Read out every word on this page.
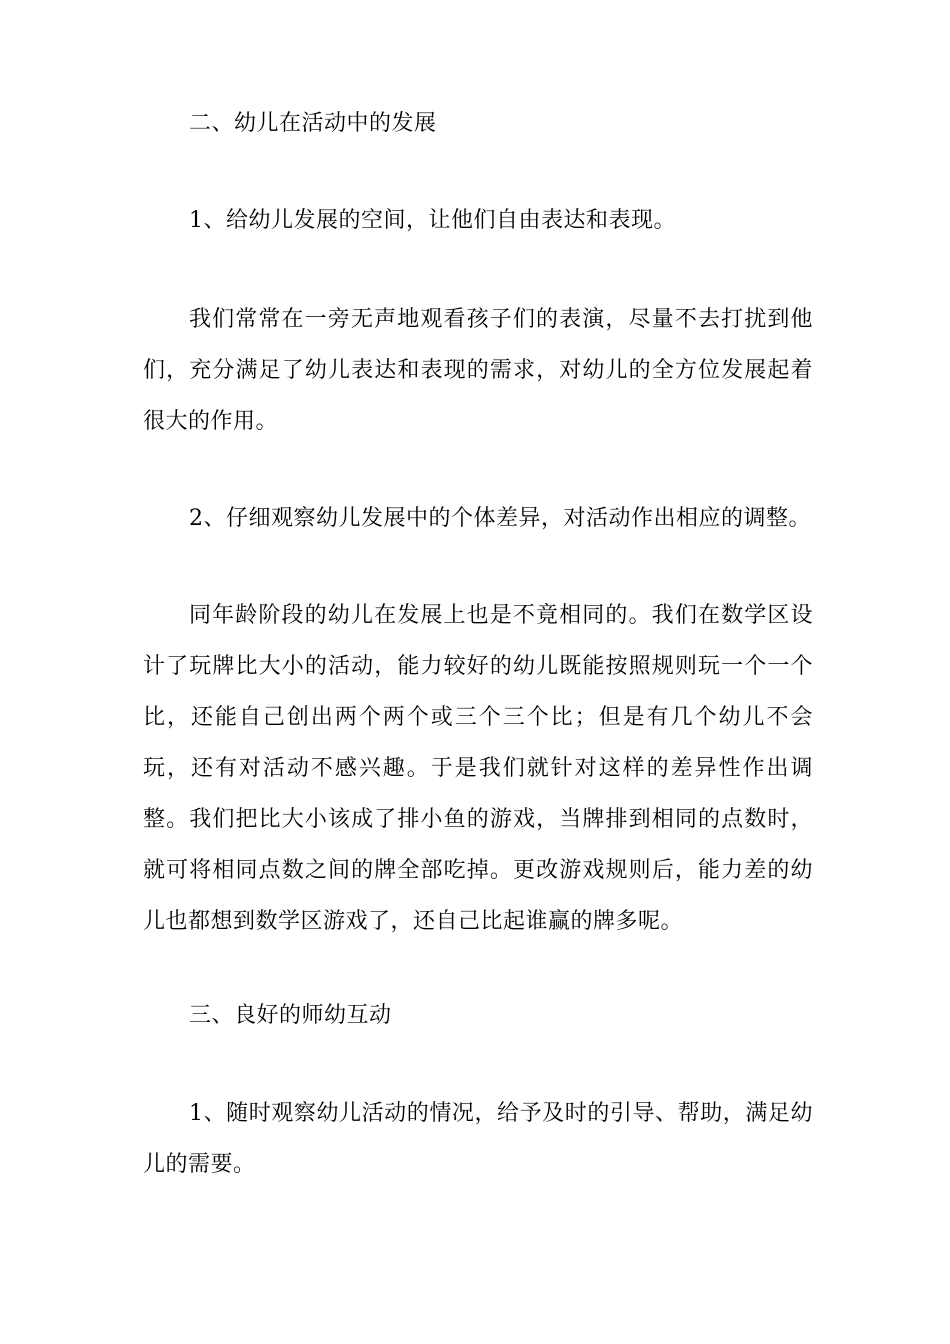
二、幼儿在活动中的发展

1、给幼儿发展的空间，让他们自由表达和表现。

我们常常在一旁无声地观看孩子们的表演，尽量不去打扰到他们，充分满足了幼儿表达和表现的需求，对幼儿的全方位发展起着很大的作用。

2、仔细观察幼儿发展中的个体差异，对活动作出相应的调整。

同年龄阶段的幼儿在发展上也是不竟相同的。我们在数学区设计了玩牌比大小的活动，能力较好的幼儿既能按照规则玩一个一个比，还能自己创出两个两个或三个三个比；但是有几个幼儿不会玩，还有对活动不感兴趣。于是我们就针对这样的差异性作出调整。我们把比大小该成了排小鱼的游戏，当牌排到相同的点数时，就可将相同点数之间的牌全部吃掉。更改游戏规则后，能力差的幼儿也都想到数学区游戏了，还自己比起谁赢的牌多呢。

三、良好的师幼互动

1、随时观察幼儿活动的情况，给予及时的引导、帮助，满足幼儿的需要。
